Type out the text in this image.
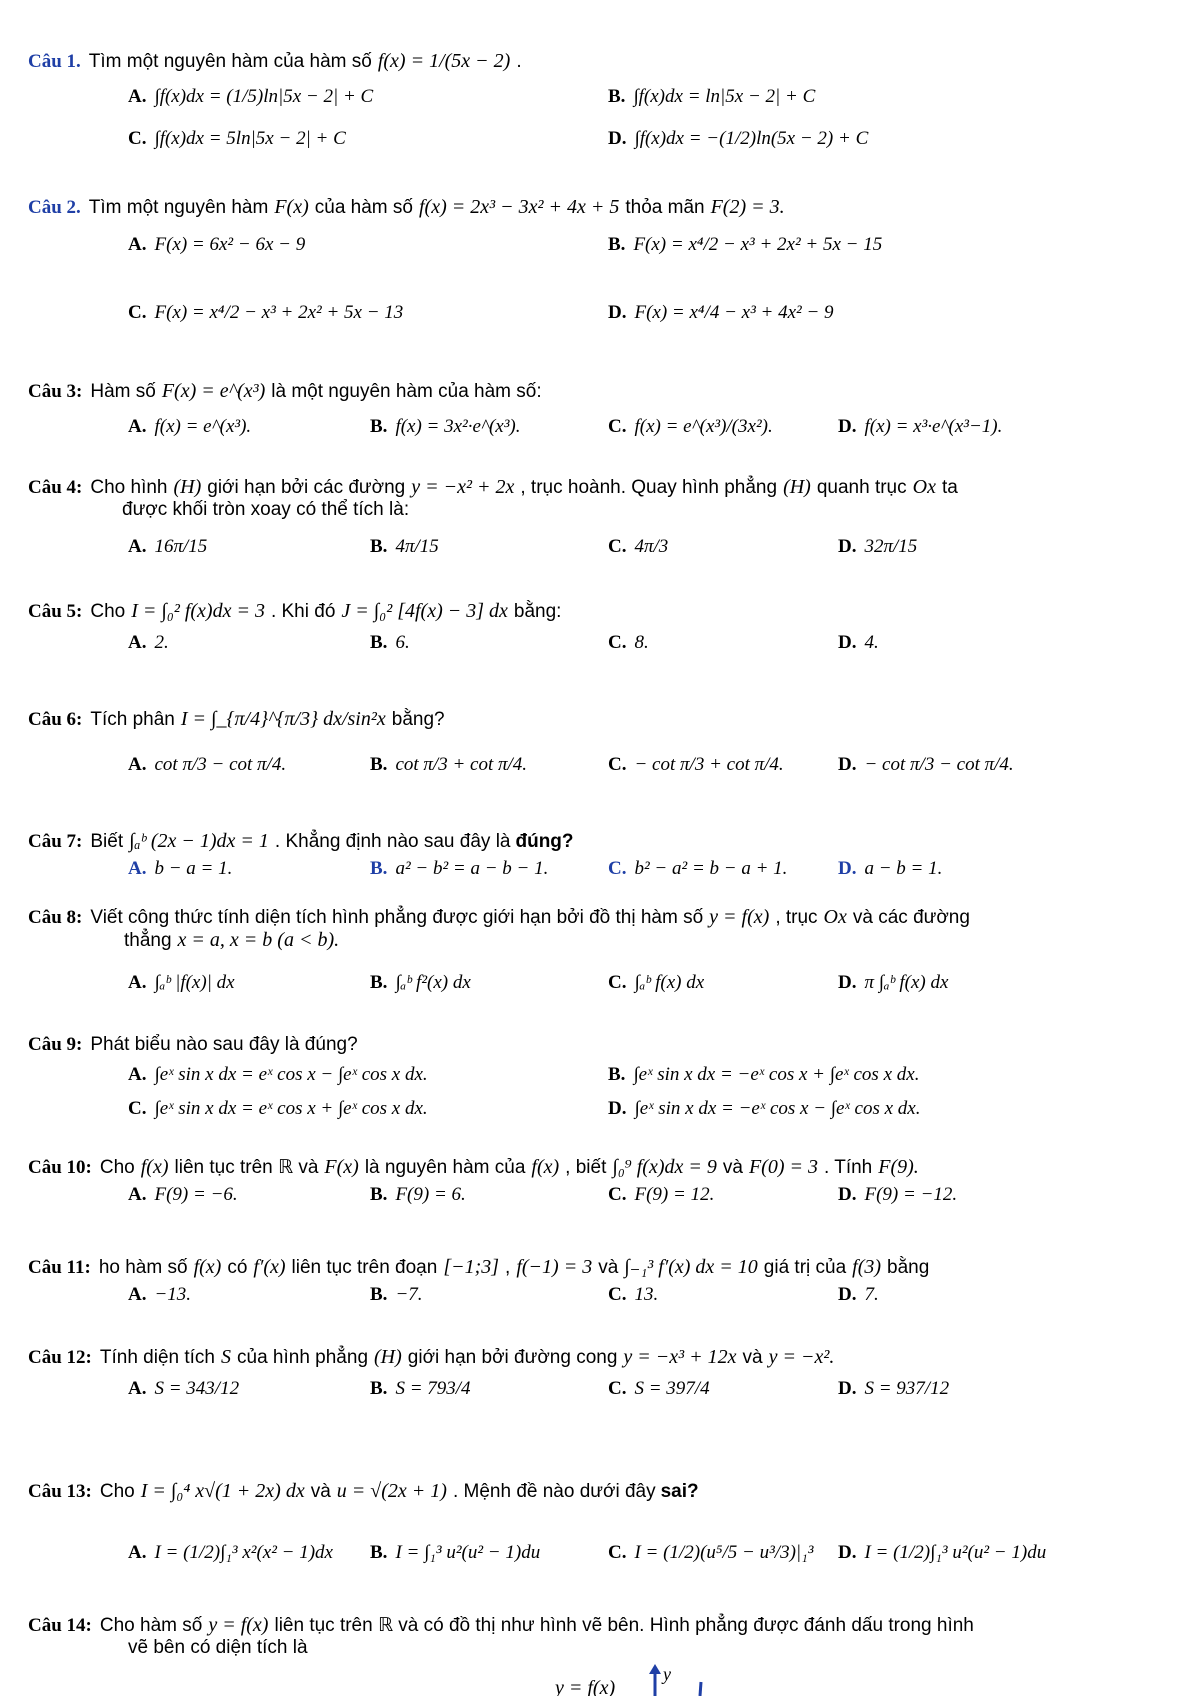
Câu 1. Tìm một nguyên hàm của hàm số f(x) = 1/(5x − 2) .
A. ∫f(x)dx = (1/5)ln|5x − 2| + C	B. ∫f(x)dx = ln|5x − 2| + C
C. ∫f(x)dx = 5ln|5x − 2| + C	D. ∫f(x)dx = −(1/2)ln(5x − 2) + C
Câu 2. Tìm một nguyên hàm F(x) của hàm số f(x) = 2x³ − 3x² + 4x + 5 thỏa mãn F(2) = 3.
A. F(x) = 6x² − 6x − 9	B. F(x) = x⁴/2 − x³ + 2x² + 5x − 15
C. F(x) = x⁴/2 − x³ + 2x² + 5x − 13	D. F(x) = x⁴/4 − x³ + 4x² − 9
Câu 3: Hàm số F(x) = e^(x³) là một nguyên hàm của hàm số:
A. f(x) = e^(x³).	B. f(x) = 3x²·e^(x³).	C. f(x) = e^(x³)/(3x²).	D. f(x) = x³·e^(x³−1).
Câu 4: Cho hình (H) giới hạn bởi các đường y = −x² + 2x , trục hoành. Quay hình phẳng (H) quanh trục Ox ta
được khối tròn xoay có thể tích là:
A. 16π/15	B. 4π/15	C. 4π/3	D. 32π/15
Câu 5: Cho I = ∫₀² f(x)dx = 3 . Khi đó J = ∫₀² [4f(x) − 3] dx bằng:
A. 2.	B. 6.	C. 8.	D. 4.
Câu 6: Tích phân I = ∫_{π/4}^{π/3} dx/sin²x bằng?
A. cot π/3 − cot π/4.	B. cot π/3 + cot π/4.	C. − cot π/3 + cot π/4.	D. − cot π/3 − cot π/4.
Câu 7: Biết ∫ₐᵇ (2x − 1)dx = 1 . Khẳng định nào sau đây là đúng?
A. b − a = 1.	B. a² − b² = a − b − 1.	C. b² − a² = b − a + 1.	D. a − b = 1.
Câu 8: Viết công thức tính diện tích hình phẳng được giới hạn bởi đồ thị hàm số y = f(x) , trục Ox và các đường
thẳng x = a, x = b (a < b).
A. ∫ₐᵇ |f(x)| dx	B. ∫ₐᵇ f²(x) dx	C. ∫ₐᵇ f(x) dx	D. π ∫ₐᵇ f(x) dx
Câu 9: Phát biểu nào sau đây là đúng?
A. ∫eˣ sin x dx = eˣ cos x − ∫eˣ cos x dx.	B. ∫eˣ sin x dx = −eˣ cos x + ∫eˣ cos x dx.
C. ∫eˣ sin x dx = eˣ cos x + ∫eˣ cos x dx.	D. ∫eˣ sin x dx = −eˣ cos x − ∫eˣ cos x dx.
Câu 10: Cho f(x) liên tục trên ℝ và F(x) là nguyên hàm của f(x) , biết ∫₀⁹ f(x)dx = 9 và F(0) = 3 . Tính F(9).
A. F(9) = −6.	B. F(9) = 6.	C. F(9) = 12.	D. F(9) = −12.
Câu 11: ho hàm số f(x) có f′(x) liên tục trên đoạn [−1;3] , f(−1) = 3 và ∫₋₁³ f′(x) dx = 10 giá trị của f(3) bằng
A. −13.	B. −7.	C. 13.	D. 7.
Câu 12: Tính diện tích S của hình phẳng (H) giới hạn bởi đường cong y = −x³ + 12x và y = −x².
A. S = 343/12	B. S = 793/4	C. S = 397/4	D. S = 937/12
Câu 13: Cho I = ∫₀⁴ x√(1 + 2x) dx và u = √(2x + 1) . Mệnh đề nào dưới đây sai?
A. I = (1/2)∫₁³ x²(x² − 1)dx B. I = ∫₁³ u²(u² − 1)du	C. I = (1/2)(u⁵/5 − u³/3)|₁³ D. I = (1/2)∫₁³ u²(u² − 1)du
Câu 14: Cho hàm số y = f(x) liên tục trên ℝ và có đồ thị như hình vẽ bên. Hình phẳng được đánh dấu trong hình
vẽ bên có diện tích là
y = f(x)
y
